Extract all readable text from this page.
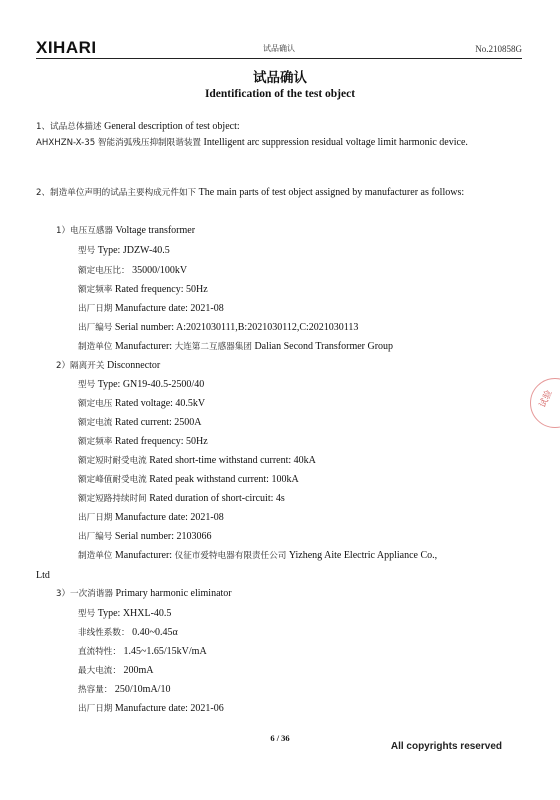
XIHARI	试品确认	No.210858G
试品确认
Identification of the test object
1、试品总体描述 General description of test object:
AHXHZN-X-35 智能消弧残压抑制限谐装置 Intelligent arc suppression residual voltage limit harmonic device.
2、制造单位声明的试品主要构成元件如下 The main parts of test object assigned by manufacturer as follows:
1）电压互感器 Voltage transformer
型号 Type: JDZW-40.5
额定电压比： 35000/100kV
额定频率 Rated frequency: 50Hz
出厂日期 Manufacture date: 2021-08
出厂编号 Serial number: A:2021030111,B:2021030112,C:2021030113
制造单位 Manufacturer: 大连第二互感器集团 Dalian Second Transformer Group
2）隔离开关 Disconnector
型号 Type: GN19-40.5-2500/40
额定电压 Rated voltage: 40.5kV
额定电流 Rated current: 2500A
额定频率 Rated frequency: 50Hz
额定短时耐受电流 Rated short-time withstand current: 40kA
额定峰值耐受电流 Rated peak withstand current: 100kA
额定短路持续时间 Rated duration of short-circuit: 4s
出厂日期 Manufacture date: 2021-08
出厂编号 Serial number: 2103066
制造单位 Manufacturer: 仪征市爱特电器有限责任公司 Yizheng Aite Electric Appliance Co.,
Ltd
3）一次消谐器 Primary harmonic eliminator
型号 Type: XHXL-40.5
非线性系数： 0.40~0.45α
直流特性： 1.45~1.65/15kV/mA
最大电流： 200mA
热容量： 250/10mA/10
出厂日期 Manufacture date: 2021-06
试验
6 / 36
All copyrights reserved
